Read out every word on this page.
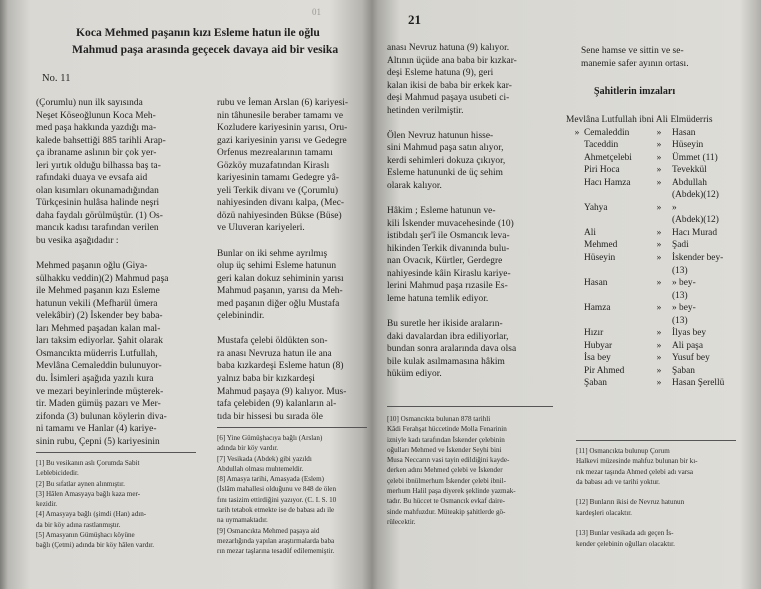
01
Koca Mehmed paşanın kızı Esleme hatun ile oğlu
Mahmud paşa arasında geçecek davaya aid bir vesika
No. 11
(Çorumlu) nun ilk sayısında
Neşet Köseoğlunun Koca Meh-
med paşa hakkında yazdığı ma-
kalede bahsettiği 885 tarihli Arap-
ça ibraname aslının bir çok yer-
leri yırtık olduğu bilhassa baş ta-
rafındaki duaya ve evsafa aid
olan kısımları okunamadığından
Türkçesinin hulâsa halinde neşri
daha faydalı görülmüştür. (1) Os-
mancık kadısı tarafından verilen
bu vesika aşağıdadır :
Mehmed paşanın oğlu (Giya-
sülhakku veddin)(2) Mahmud paşa
ile Mehmed paşanın kızı Esleme
hatunun vekili (Mefharül ümera
velekâbir) (2) İskender bey baba-
ları Mehmed paşadan kalan mal-
ları taksim ediyorlar. Şahit olarak
Osmancıkta müderris Lutfullah,
Mevlâna Cemaleddin bulunuyor-
du. İsimleri aşağıda yazılı kura
ve mezari beyinlerinde müşterek-
tir. Maden gümüş pazarı ve Mer-
zifonda (3) bulunan köylerin diva-
ni tamamı ve Hanlar (4) kariye-
sinin rubu, Çepni (5) kariyesinin
[1] Bu vesikanın aslı Çorumda Sabit
Leblebicidedir.
[2] Bu sıfatlar aynen alınmıştır.
[3] Hâlen Amasyaya bağlı kaza mer-
kezidir.
[4] Amasyaya bağlı (şimdi (Han) adın-
da bir köy adına rastlanmıştır.
[5] Amasyanın Gümüşhacı köyüne
bağlı (Çetmi) adında bir köy hâlen vardır.
rubu ve İeman Arslan (6) kariyesi-
nin tâhunesile beraber tamamı ve
Kozludere kariyesinin yarısı, Oru-
gazi kariyesinin yarısı ve Gedegre
Orfenus mezrealarının tamamı
Gözköy muzafatından Kiraslı
kariyesinin tamamı Gedegre yâ-
yeli Terkik divanı ve (Çorumlu)
nahiyesinden divanı kalpa, (Mec-
dözü nahiyesinden Bükse (Büse)
ve Uluveran kariyeleri.
Bunlar on iki sehme ayrılmış
olup üç sehimi Esleme hatunun
geri kalan dokuz sehiminin yarısı
Mahmud paşanın, yarısı da Meh-
med paşanın diğer oğlu Mustafa
çelebinindir.
Mustafa çelebi öldükten son-
ra anası Nevruza hatun ile ana
baba kızkardeşi Esleme hatun (8)
yalnız baba bir kızkardeşi
Mahmud paşaya (9) kalıyor. Mus-
tafa çelebiden (9) kalanların al-
tıda bir hissesi bu sırada öle
[6] Yine Gümüşhacıya bağlı (Arslan)
adında bir köy vardır.
[7] Vesikada (Abdek) gibi yazıldı
Abdullah olması muhtemeldir.
[8] Amasya tarihi, Amasyada (Eslem)
(İslâm mahallesi olduğunu ve 848 de ölen
fını tasizim ettirdiğini yazıyor. (C. I. S. 10
tarih tetabok etmekte ise de babası adı ile
na uymamaktadır.
[9] Osmancıkta Mehmed paşaya aid
mezarlığında yapılan araştırmalarda baba
rın mezar taşlarına tesadüf edilememiştir.
21
anası Nevruz hatuna (9) kalıyor.
Altının üçüde ana baba bir kızkar-
deşi Esleme hatuna (9), geri
kalan ikisi de baba bir erkek kar-
deşi Mahmud paşaya usubeti ci-
hetinden verilmiştir.
Ölen Nevruz hatunun hisse-
sini Mahmud paşa satın alıyor,
kerdi sehimleri dokuza çıkıyor,
Esleme hatununki de üç sehim
olarak kalıyor.
Hâkim ; Esleme hatunun ve-
kili İskender muvacehesinde (10)
istibdalı şer'î ile Osmancık leva-
hikinden Terkik divanında bulu-
nan Ovacık, Kürtler, Gerdegre
nahiyesinde kâin Kiraslu kariye-
lerini Mahmud paşa rızasile Es-
leme hatuna temlik ediyor.
Bu suretle her ikiside araların-
daki davalardan ibra ediliyorlar,
bundan sonra aralarında dava olsa
bile kulak asılmamasına hâkim
hüküm ediyor.
[10] Osmancıkta bulunan 878 tarihli
Kâdi Ferahşat hüccetinde Molla Fenarinin
izniyle kadı tarafından İskender çelebinin
oğulları Mehmed ve İskender Seyhi bini
Musa Neccarın vasi tayin edildiğini kayde-
derken adını Mehmed çelebi ve İskender
çelebi ibnülmerhum İskender çelebi ibnil-
merhum Halil paşa diyerek şeklinde yazmak-
tadır. Bu hüccet te Osmancık evkaf daire-
sinde mahfuzdur. Müteakip şahitlerde gö-
rülecektir.
Sene hamse ve sittin ve se-
manemie safer ayının ortası.
Şahitlerin imzaları
Mevlâna Lutfullah ibni Ali Elmüderris
»	Cemaleddin	»	Hasan
	Taceddin	»	Hüseyin
	Ahmetçelebi	»	Ümmet (11)
	Piri Hoca	»	Tevekkül
	Hacı Hamza	»	Abdullah
			(Abdek)(12)
	Yahya	»	»
			(Abdek)(12)
	Ali	»	Hacı Murad
	Mehmed	»	Şadi
	Hüseyin	»	İskender bey-
			(13)
	Hasan	»	» bey-
			(13)
	Hamza	»	» bey-
			(13)
	Hızır	»	İlyas bey
	Hubyar	»	Ali paşa
	İsa bey	»	Yusuf bey
	Pir Ahmed	»	Şaban
	Şaban	»	Hasan Şerellü
[11] Osmancıkta bulunup Çorum
Halkevi müzesinde mahfuz bulunan bir kı-
rık mezar taşında Ahmed çelebi adı varsa
da babası adı ve tarihi yoktur.
[12] Bunların ikisi de Nevruz hatunun
kardeşleri olacaktır.
[13] Bunlar vesikada adı geçen İs-
kender çelebinin oğulları olacaktır.
